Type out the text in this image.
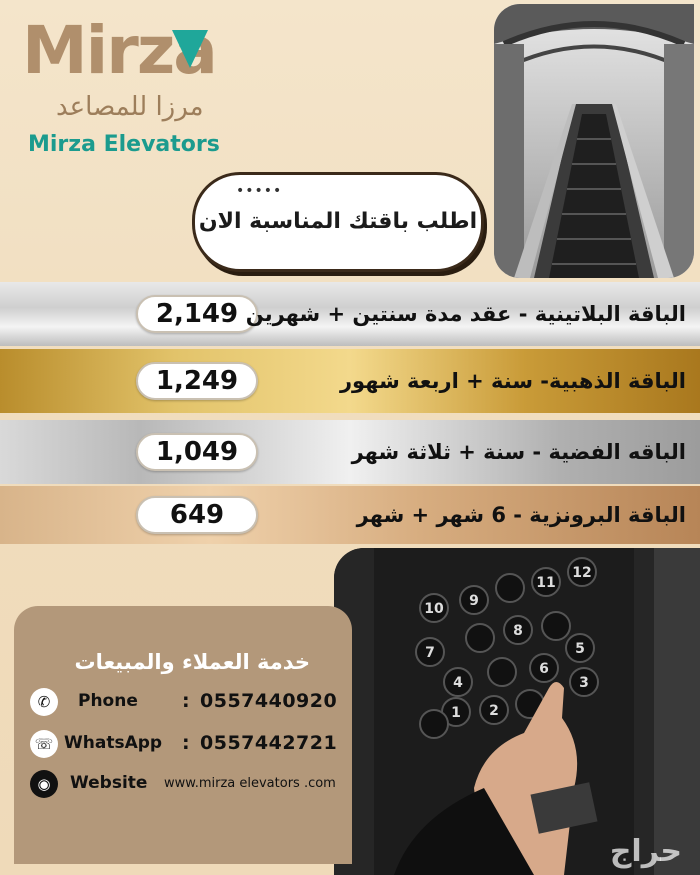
Mirza
مرزا للمصاعد
Mirza Elevators
اطلب باقتك المناسبة الان
•••••
2,149 الباقة البلاتينية - عقد مدة سنتين + شهرين
1,249	الباقة الذهبية- سنة + اربعة شهور
1,049	الباقه الفضية - سنة + ثلاثة شهر
649	الباقة البرونزية - 6 شهر + شهر
12
11
10 9
8
7
6
5
4	3
2
1
خدمة العملاء والمبيعات
✆	Phone : 0557440920
☏ WhatsApp : 0557442721
◉	Website www.mirza elevators .com
حراج
